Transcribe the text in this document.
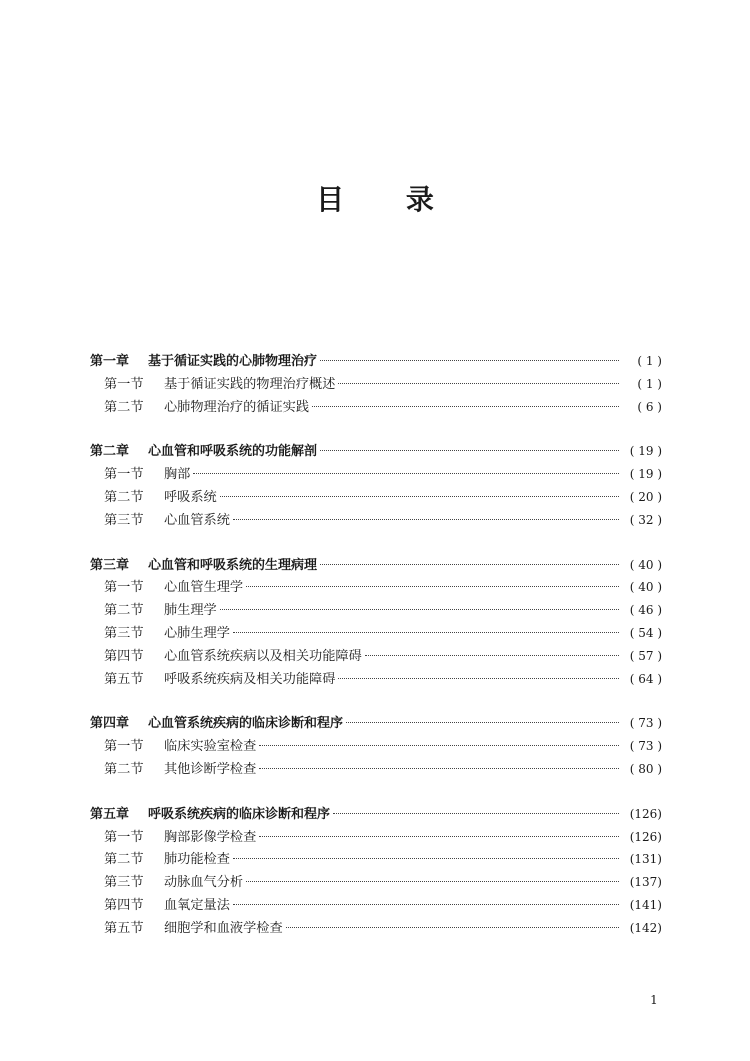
目 录
第一章	基于循证实践的心肺物理治疗	( 1 )
第一节	基于循证实践的物理治疗概述	( 1 )
第二节	心肺物理治疗的循证实践	( 6 )
第二章	心血管和呼吸系统的功能解剖	( 19 )
第一节	胸部	( 19 )
第二节	呼吸系统	( 20 )
第三节	心血管系统	( 32 )
第三章	心血管和呼吸系统的生理病理	( 40 )
第一节	心血管生理学	( 40 )
第二节	肺生理学	( 46 )
第三节	心肺生理学	( 54 )
第四节	心血管系统疾病以及相关功能障碍	( 57 )
第五节	呼吸系统疾病及相关功能障碍	( 64 )
第四章	心血管系统疾病的临床诊断和程序	( 73 )
第一节	临床实验室检查	( 73 )
第二节	其他诊断学检查	( 80 )
第五章	呼吸系统疾病的临床诊断和程序	(126)
第一节	胸部影像学检查	(126)
第二节	肺功能检查	(131)
第三节	动脉血气分析	(137)
第四节	血氧定量法	(141)
第五节	细胞学和血液学检查	(142)
1
